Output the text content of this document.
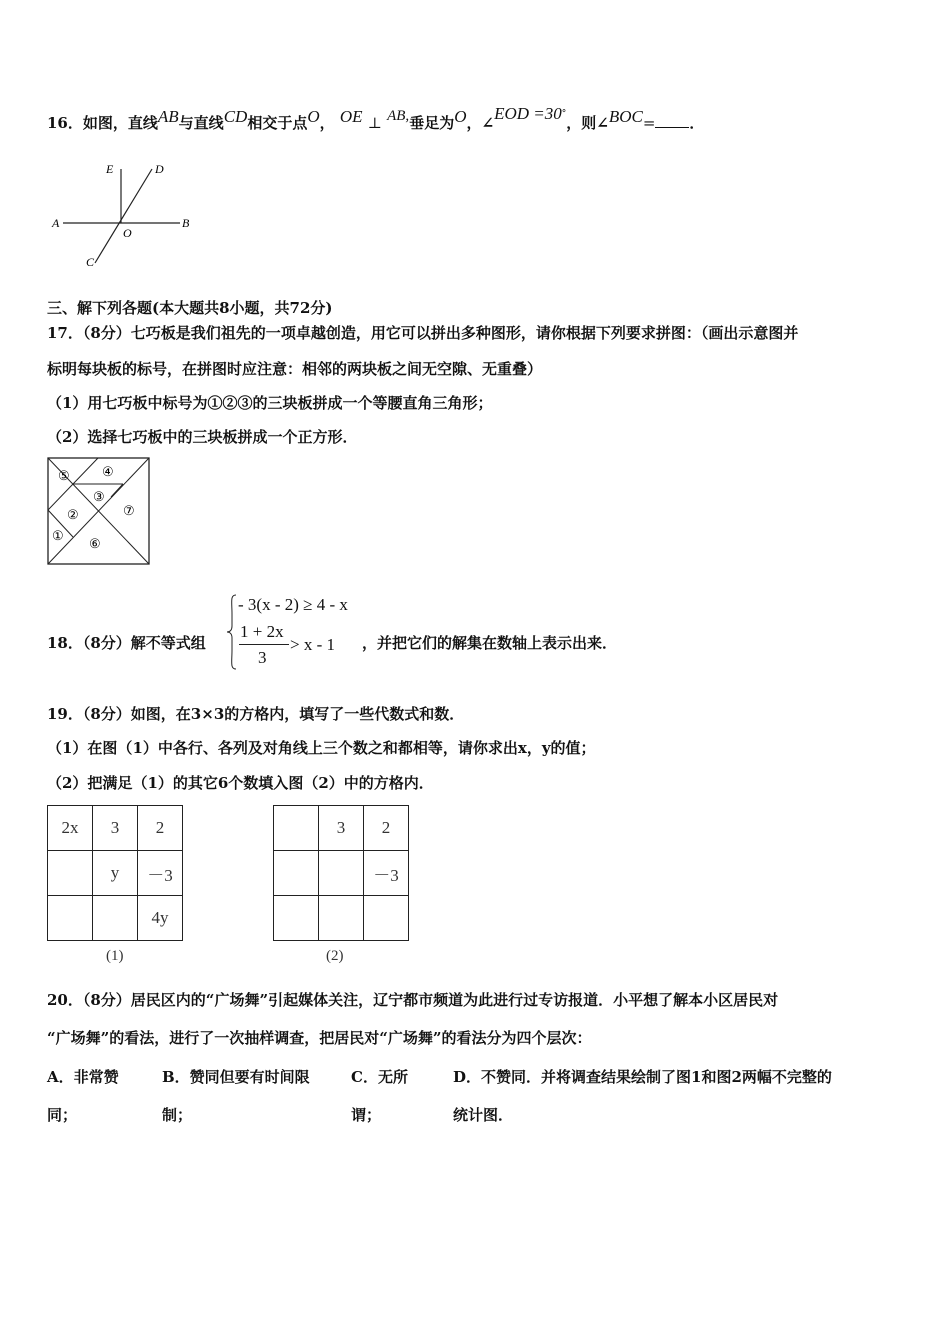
16．如图，直线AB与直线CD相交于点O， OE ⊥ AB,垂足为O，∠EOD =30°，则∠BOC= ．
E	D
A
O
B
C
三、解下列各题(本大题共8小题，共72分)
17．（8分）七巧板是我们祖先的一项卓越创造，用它可以拼出多种图形，请你根据下列要求拼图：（画出示意图并
标明每块板的标号，在拼图时应注意：相邻的两块板之间无空隙、无重叠）
（1）用七巧板中标号为①②③的三块板拼成一个等腰直角三角形；
（2）选择七巧板中的三块板拼成一个正方形．
⑤ ④
③
②	⑦
①
⑥
18．（8分）解不等式组
- 3(x - 2) ≥ 4 - x
1 + 2x
3
> x - 1 ，并把它们的解集在数轴上表示出来．
19．（8分）如图，在3×3的方格内，填写了一些代数式和数．
（1）在图（1）中各行、各列及对角线上三个数之和都相等，请你求出x，y的值；
（2）把满足（1）的其它6个数填入图（2）中的方格内．
2x	3	2
	y	－3
		4y
(1)
	3	2
		－3

(2)
20．（8分）居民区内的“广场舞”引起媒体关注，辽宁都市频道为此进行过专访报道．小平想了解本小区居民对
“广场舞”的看法，进行了一次抽样调查，把居民对“广场舞”的看法分为四个层次：
A．非常赞
同；
B．赞同但要有时间限
制；
C．无所
谓；
D．不赞同．并将调查结果绘制了图1和图2两幅不完整的
统计图．
